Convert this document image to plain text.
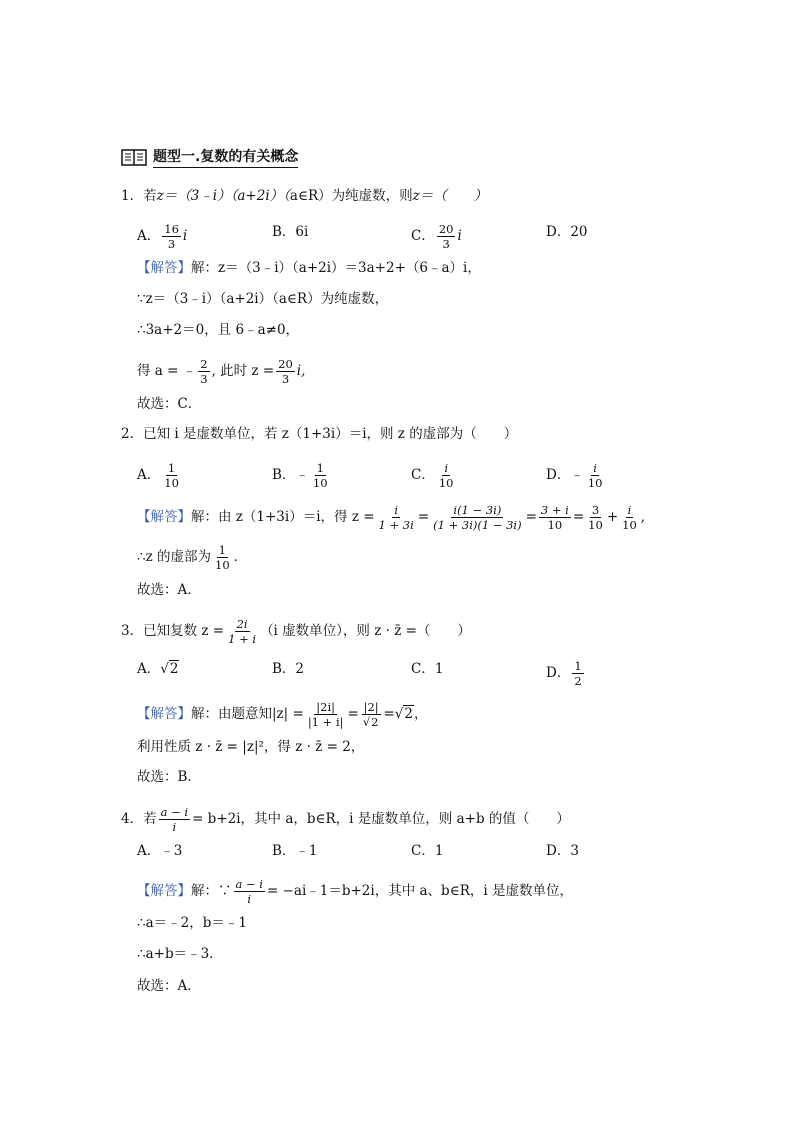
题型一.复数的有关概念
1．若z＝（3﹣i）（a+2i）（a∈R）为纯虚数，则z＝（　　）
A． $\frac{16}{3}$ i	B．6i	C． $\frac{20}{3}$ i	D．20
【解答】解：z＝（3﹣i）（a+2i）＝3a+2+（6﹣a）i，
∵z＝（3﹣i）（a+2i）（a∈R）为纯虚数，
∴3a+2＝0，且 6﹣a≠0，
得 a = ﹣ $\frac{2}{3}$ , 此时 $z = \frac{20}{3} i$,
故选：C．
2．已知 i 是虚数单位，若 z（1+3i）＝i，则 z 的虚部为（　　）
A． $\frac{1}{10}$	B．﹣ $\frac{1}{10}$	C． $\frac{i}{10}$	D．﹣ $\frac{i}{10}$
【解答】解：由 z（1+3i）＝i，得 $z = \frac{i}{1 + 3i} = \frac{i(1 - 3i)}{(1 + 3i)(1 - 3i)} = \frac{3 + i}{10} = \frac{3}{10} + \frac{i}{10}$ ,
∴z 的虚部为 $\frac{1}{10}$ ．
故选：A．
3．已知复数 $z = \frac{2i}{1 + i} (i$ 虚数单位），则 z · z̄ =（　　）
A．√2	B．2	C．1	D． $\frac{1}{2}$
【解答】解：由题意知$|z| = \frac{|2i|}{|1 + i|} = \frac{|2|}{√2} =√2$，
利用性质 z · z̄ = |z|²，得 z · z̄ = 2，
故选：B．
4．若 $\frac{a - i}{i} = b+2i$，其中 a，b∈R，i 是虚数单位，则 a+b 的值（　　）
A．﹣3	B．﹣1	C．1	D．3
【解答】解：∵ $\frac{a - i}{i}$ = −ai﹣1＝b+2i，其中 a、b∈R，i 是虚数单位，
∴a＝﹣2，b＝﹣1
∴a+b＝﹣3．
故选：A．
